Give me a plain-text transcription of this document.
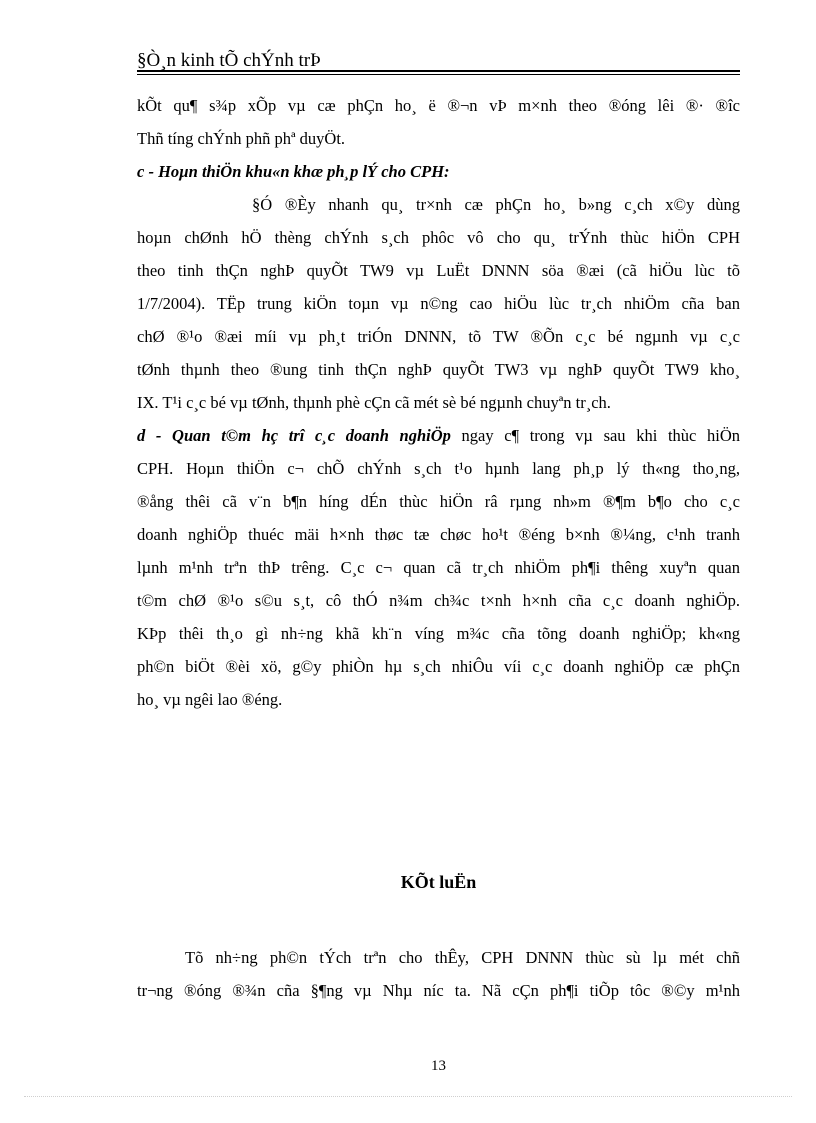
§Ò¸n kinh tÕ chÝnh trÞ
kÕt qu¶ s¾p xÕp vµ cæ phÇn ho¸ ë ®¬n vÞ m×nh theo ®óng lêi ®· ®îc
Thñ tíng chÝnh phñ phª duyÖt.
c - Hoµn thiÖn khu«n khæ ph¸p lÝ cho CPH:
§Ó ®Èy nhanh qu¸ tr×nh cæ phÇn ho¸ b»ng c¸ch x©y dùng
hoµn chØnh hÖ thèng chÝnh s¸ch phôc vô cho qu¸ trÝnh thùc hiÖn CPH
theo tinh thÇn nghÞ quyÕt TW9 vµ LuËt DNNN söa ®æi (cã hiÖu lùc tõ
1/7/2004). TËp trung kiÖn toµn vµ n©ng cao hiÖu lùc tr¸ch nhiÖm cña ban
chØ ®¹o ®æi míi vµ ph¸t triÓn DNNN, tõ TW ®Õn c¸c bé ngµnh vµ c¸c
tØnh thµnh theo ®ung tinh thÇn nghÞ quyÕt TW3 vµ nghÞ quyÕt TW9 kho¸
IX. T¹i c¸c bé vµ tØnh, thµnh phè cÇn cã mét sè bé ngµnh chuyªn tr¸ch.
d - Quan t©m hç trî c¸c doanh nghiÖp ngay c¶ trong vµ sau khi thùc hiÖn
CPH. Hoµn thiÖn c¬ chÕ chÝnh s¸ch t¹o hµnh lang ph¸p lý th«ng tho¸ng,
®ång thêi cã v¨n b¶n híng dÉn thùc hiÖn râ rµng nh»m ®¶m b¶o cho c¸c
doanh nghiÖp thuéc mäi h×nh thøc tæ chøc ho¹t ®éng b×nh ®¼ng, c¹nh tranh
lµnh m¹nh trªn thÞ trêng. C¸c c¬ quan cã tr¸ch nhiÖm ph¶i thêng xuyªn quan
t©m chØ ®¹o s©u s¸t, cô thÓ n¾m ch¾c t×nh h×nh cña c¸c doanh nghiÖp.
KÞp thêi th¸o gì nh÷ng khã kh¨n víng m¾c cña tõng doanh nghiÖp; kh«ng
ph©n biÖt ®èi xö, g©y phiÒn hµ s¸ch nhiÔu víi c¸c doanh nghiÖp cæ phÇn
ho¸ vµ ngêi lao ®éng.
KÕt luËn
Tõ nh÷ng ph©n tÝch trªn cho thÊy, CPH DNNN thùc sù lµ mét chñ
tr¬ng ®óng ®¾n cña §¶ng vµ Nhµ níc ta. Nã cÇn ph¶i tiÕp tôc ®©y m¹nh
13
